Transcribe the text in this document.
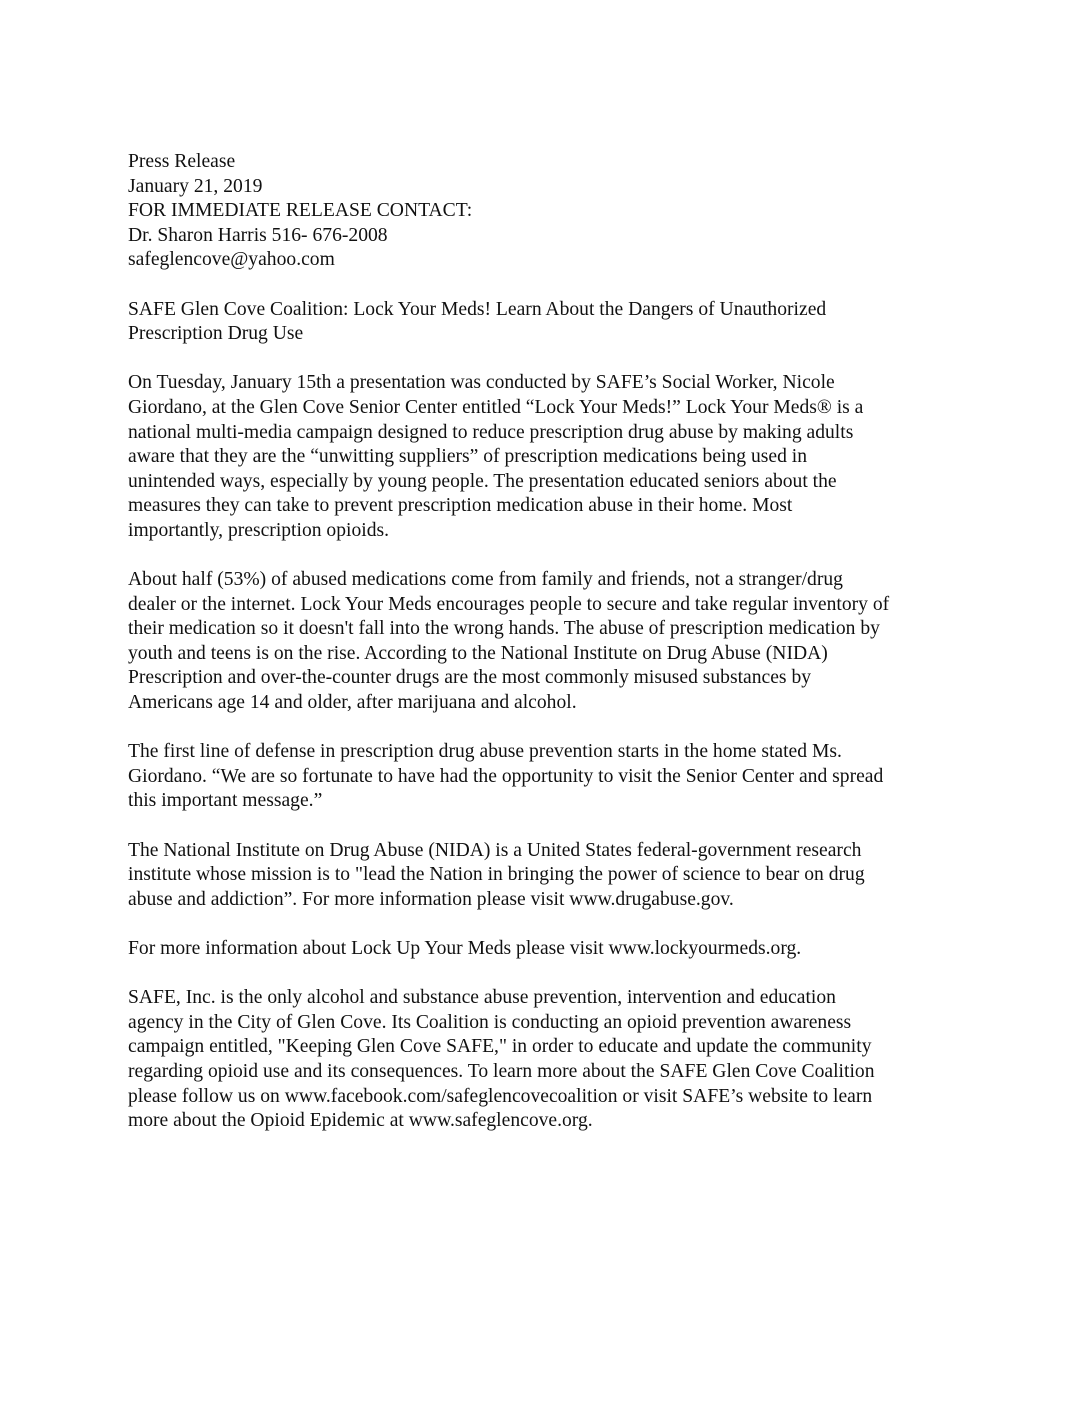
Press Release
January 21, 2019
FOR IMMEDIATE RELEASE CONTACT:
Dr. Sharon Harris 516- 676-2008
safeglencove@yahoo.com
SAFE Glen Cove Coalition: Lock Your Meds! Learn About the Dangers of Unauthorized
Prescription Drug Use
On Tuesday, January 15th a presentation was conducted by SAFE’s Social Worker, Nicole
Giordano, at the Glen Cove Senior Center entitled “Lock Your Meds!” Lock Your Meds® is a
national multi-media campaign designed to reduce prescription drug abuse by making adults
aware that they are the “unwitting suppliers” of prescription medications being used in
unintended ways, especially by young people. The presentation educated seniors about the
measures they can take to prevent prescription medication abuse in their home. Most
importantly, prescription opioids.
About half (53%) of abused medications come from family and friends, not a stranger/drug
dealer or the internet. Lock Your Meds encourages people to secure and take regular inventory of
their medication so it doesn't fall into the wrong hands. The abuse of prescription medication by
youth and teens is on the rise. According to the National Institute on Drug Abuse (NIDA)
Prescription and over-the-counter drugs are the most commonly misused substances by
Americans age 14 and older, after marijuana and alcohol.
The first line of defense in prescription drug abuse prevention starts in the home stated Ms.
Giordano. “We are so fortunate to have had the opportunity to visit the Senior Center and spread
this important message.”
The National Institute on Drug Abuse (NIDA) is a United States federal-government research
institute whose mission is to "lead the Nation in bringing the power of science to bear on drug
abuse and addiction”. For more information please visit www.drugabuse.gov.
For more information about Lock Up Your Meds please visit www.lockyourmeds.org.
SAFE, Inc. is the only alcohol and substance abuse prevention, intervention and education
agency in the City of Glen Cove. Its Coalition is conducting an opioid prevention awareness
campaign entitled, "Keeping Glen Cove SAFE," in order to educate and update the community
regarding opioid use and its consequences. To learn more about the SAFE Glen Cove Coalition
please follow us on www.facebook.com/safeglencovecoalition or visit SAFE’s website to learn
more about the Opioid Epidemic at www.safeglencove.org.
